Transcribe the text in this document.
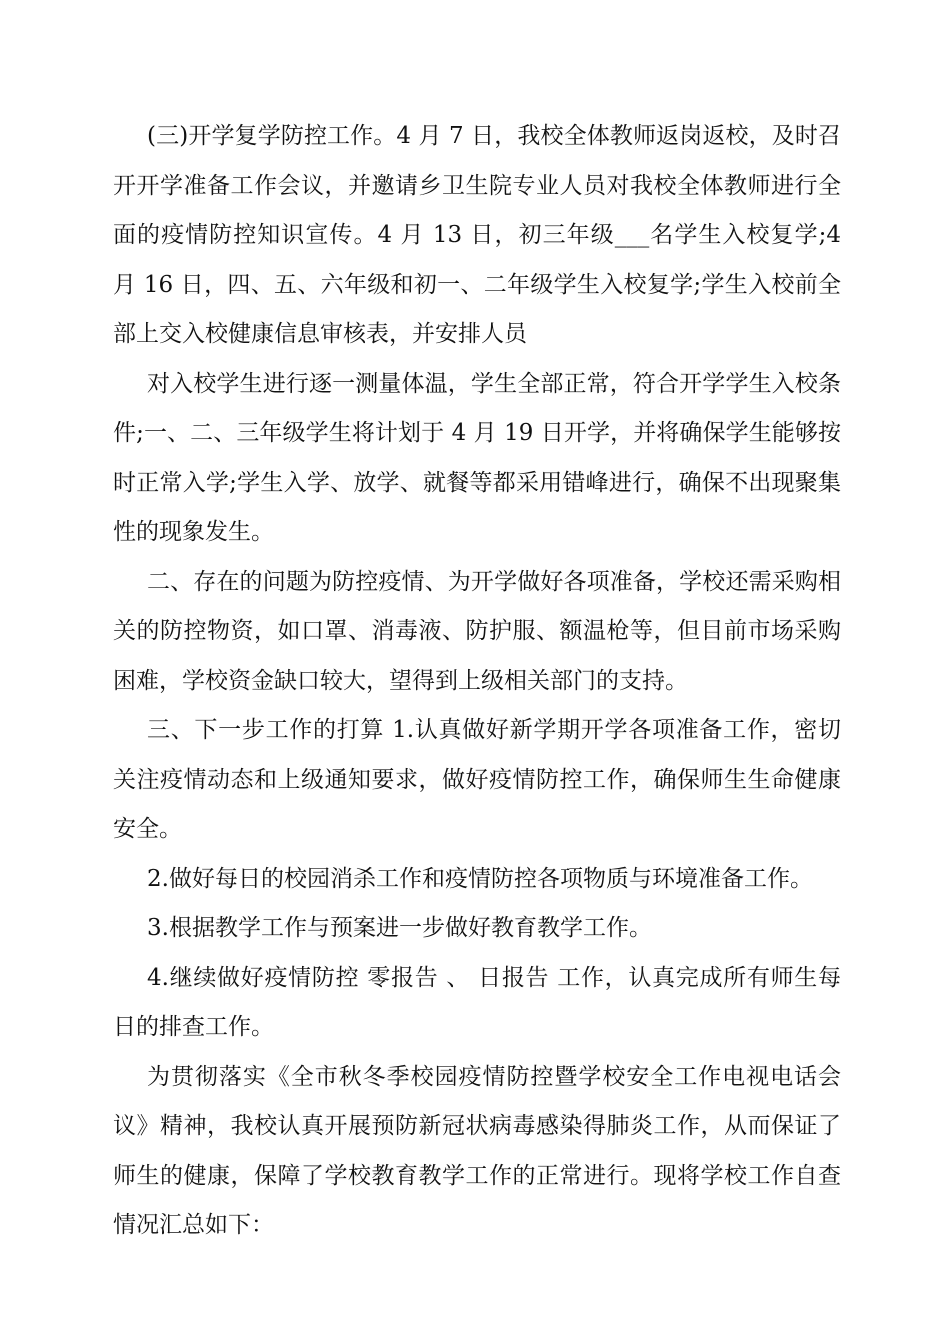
(三)开学复学防控工作。4 月 7 日，我校全体教师返岗返校，及时召开开学准备工作会议，并邀请乡卫生院专业人员对我校全体教师进行全面的疫情防控知识宣传。4 月 13 日，初三年级___名学生入校复学;4 月 16 日，四、五、六年级和初一、二年级学生入校复学;学生入校前全部上交入校健康信息审核表，并安排人员

对入校学生进行逐一测量体温，学生全部正常，符合开学学生入校条件;一、二、三年级学生将计划于 4 月 19 日开学，并将确保学生能够按时正常入学;学生入学、放学、就餐等都采用错峰进行，确保不出现聚集性的现象发生。

二、存在的问题为防控疫情、为开学做好各项准备，学校还需采购相关的防控物资，如口罩、消毒液、防护服、额温枪等，但目前市场采购困难，学校资金缺口较大，望得到上级相关部门的支持。

三、下一步工作的打算 1.认真做好新学期开学各项准备工作，密切关注疫情动态和上级通知要求，做好疫情防控工作，确保师生生命健康安全。

2.做好每日的校园消杀工作和疫情防控各项物质与环境准备工作。

3.根据教学工作与预案进一步做好教育教学工作。

4.继续做好疫情防控 零报告 、 日报告 工作，认真完成所有师生每日的排查工作。

为贯彻落实《全市秋冬季校园疫情防控暨学校安全工作电视电话会议》精神，我校认真开展预防新冠状病毒感染得肺炎工作，从而保证了师生的健康，保障了学校教育教学工作的正常进行。现将学校工作自查情况汇总如下：
